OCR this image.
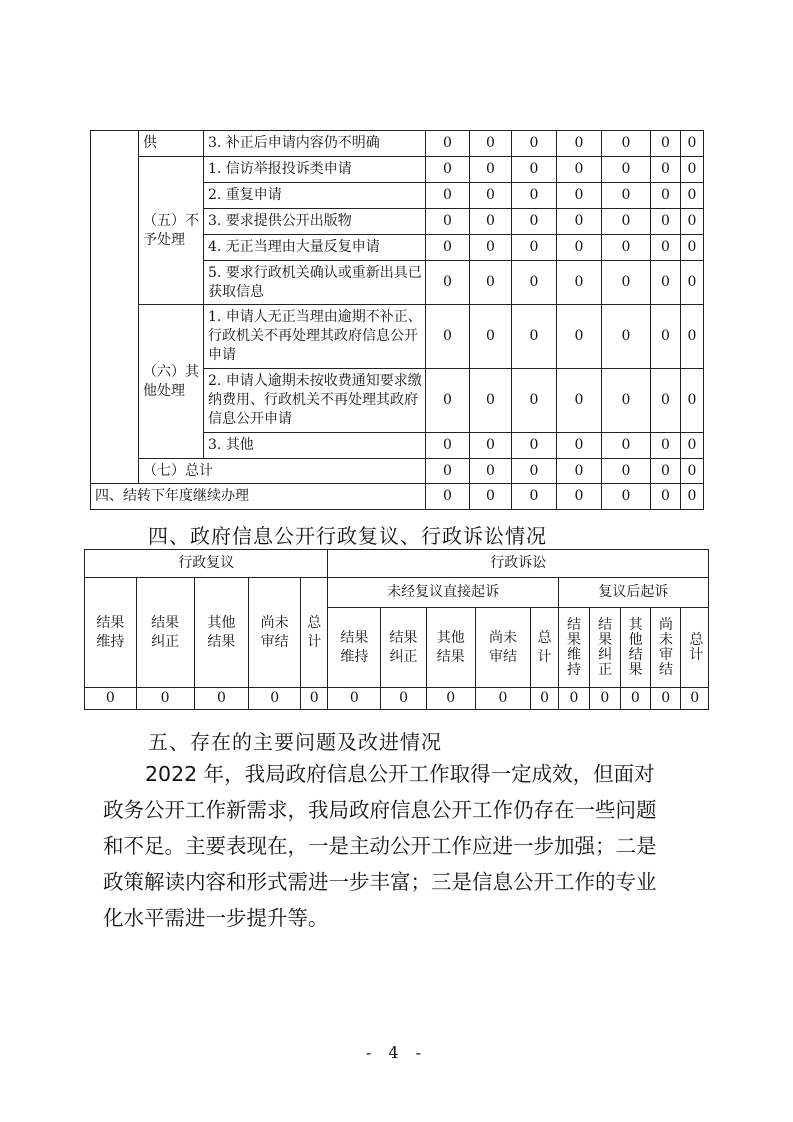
	供	3. 补正后申请内容仍不明确	0	0	0	0	0	0	0
	（五）不予处理	1. 信访举报投诉类申请	0	0	0	0	0	0	0
		2. 重复申请	0	0	0	0	0	0	0
		3. 要求提供公开出版物	0	0	0	0	0	0	0
		4. 无正当理由大量反复申请	0	0	0	0	0	0	0
		5. 要求行政机关确认或重新出具已获取信息	0	0	0	0	0	0	0
	（六）其他处理	1. 申请人无正当理由逾期不补正、行政机关不再处理其政府信息公开申请	0	0	0	0	0	0	0
		2. 申请人逾期未按收费通知要求缴纳费用、行政机关不再处理其政府信息公开申请	0	0	0	0	0	0	0
		3. 其他	0	0	0	0	0	0	0
	（七）总计		0	0	0	0	0	0	0
四、结转下年度继续办理			0	0	0	0	0	0	0
四、政府信息公开行政复议、行政诉讼情况
行政复议					行政诉讼									
结果维持	结果纠正	其他结果	尚未审结	总计	未经复议直接起诉					复议后起诉				
					结果维持	结果纠正	其他结果	尚未审结	总计	结果维持	结果纠正	其他结果	尚未审结	总计
0	0	0	0	0	0	0	0	0	0	0	0	0	0	0
五、存在的主要问题及改进情况

2022 年，我局政府信息公开工作取得一定成效，但面对

政务公开工作新需求，我局政府信息公开工作仍存在一些问题

和不足。主要表现在，一是主动公开工作应进一步加强；二是

政策解读内容和形式需进一步丰富；三是信息公开工作的专业

化水平需进一步提升等。

- 4 -
